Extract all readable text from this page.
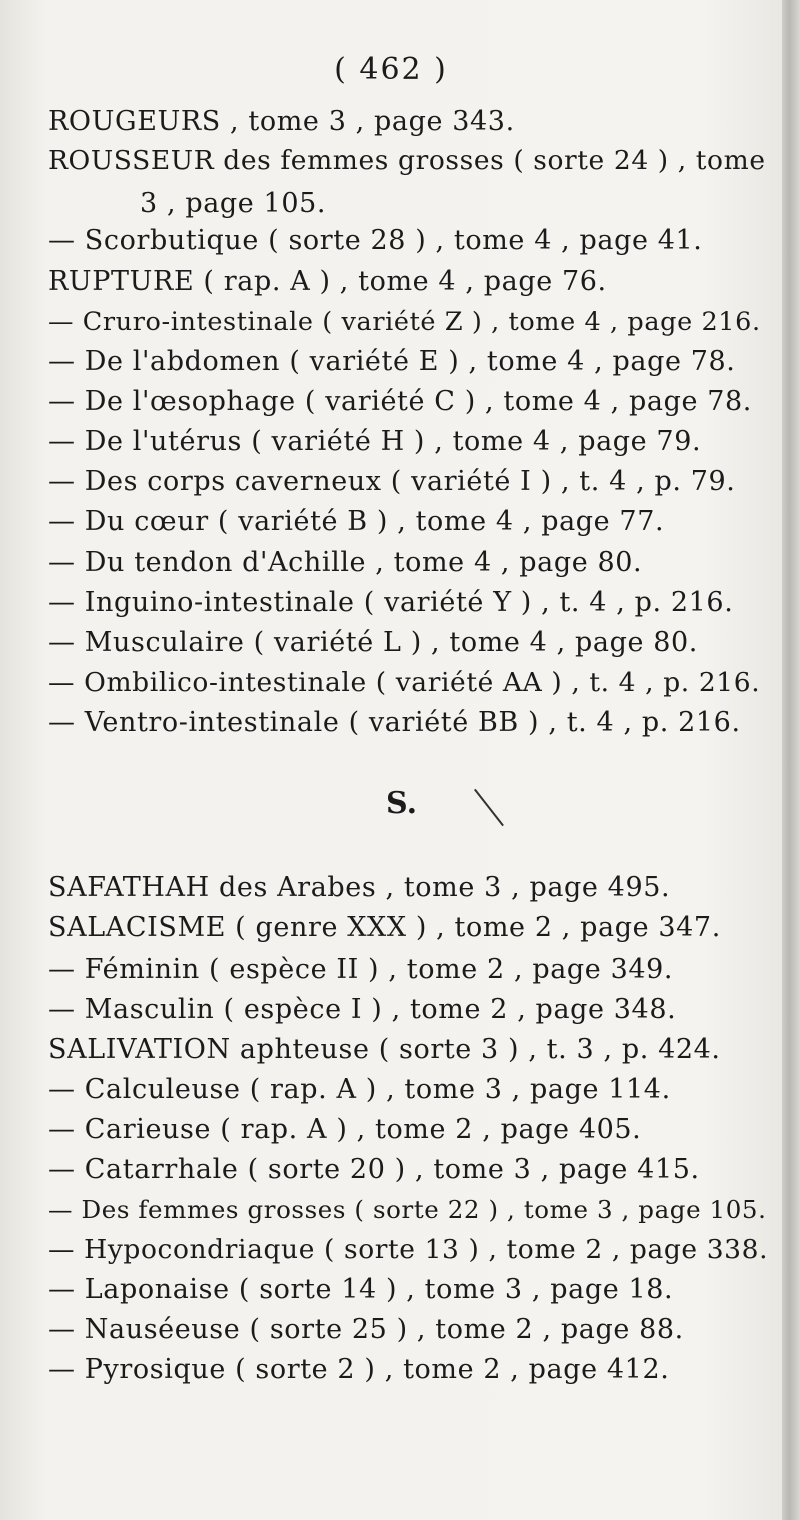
( 462 )
ROUGEURS , tome 3 , page 343.
ROUSSEUR des femmes grosses ( sorte 24 ) , tome
3 , page 105.
— Scorbutique ( sorte 28 ) , tome 4 , page 41.
RUPTURE ( rap. A ) , tome 4 , page 76.
— Cruro-intestinale ( variété Z ) , tome 4 , page 216.
— De l'abdomen ( variété E ) , tome 4 , page 78.
— De l'œsophage ( variété C ) , tome 4 , page 78.
— De l'utérus ( variété H ) , tome 4 , page 79.
— Des corps caverneux ( variété I ) , t. 4 , p. 79.
— Du cœur ( variété B ) , tome 4 , page 77.
— Du tendon d'Achille , tome 4 , page 80.
— Inguino-intestinale ( variété Y ) , t. 4 , p. 216.
— Musculaire ( variété L ) , tome 4 , page 80.
— Ombilico-intestinale ( variété AA ) , t. 4 , p. 216.
— Ventro-intestinale ( variété BB ) , t. 4 , p. 216.
S.
SAFATHAH des Arabes , tome 3 , page 495.
SALACISME ( genre XXX ) , tome 2 , page 347.
— Féminin ( espèce II ) , tome 2 , page 349.
— Masculin ( espèce I ) , tome 2 , page 348.
SALIVATION aphteuse ( sorte 3 ) , t. 3 , p. 424.
— Calculeuse ( rap. A ) , tome 3 , page 114.
— Carieuse ( rap. A ) , tome 2 , page 405.
— Catarrhale ( sorte 20 ) , tome 3 , page 415.
— Des femmes grosses ( sorte 22 ) , tome 3 , page 105.
— Hypocondriaque ( sorte 13 ) , tome 2 , page 338.
— Laponaise ( sorte 14 ) , tome 3 , page 18.
— Nauséeuse ( sorte 25 ) , tome 2 , page 88.
— Pyrosique ( sorte 2 ) , tome 2 , page 412.
